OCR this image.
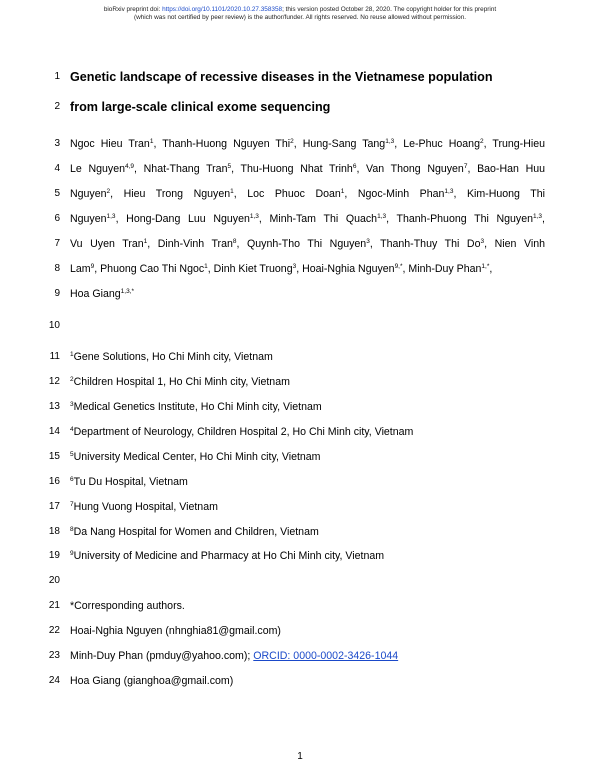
bioRxiv preprint doi: https://doi.org/10.1101/2020.10.27.358358; this version posted October 28, 2020. The copyright holder for this preprint
(which was not certified by peer review) is the author/funder. All rights reserved. No reuse allowed without permission.
1 Genetic landscape of recessive diseases in the Vietnamese population
2 from large-scale clinical exome sequencing
3 Ngoc Hieu Tran$^1$, Thanh-Huong Nguyen Thi$^2$, Hung-Sang Tang$^{1,3}$, Le-Phuc Hoang$^2$, Trung-Hieu
4 Le Nguyen$^{4,9}$, Nhat-Thang Tran$^5$, Thu-Huong Nhat Trinh$^6$, Van Thong Nguyen$^7$, Bao-Han Huu
5 Nguyen$^2$, Hieu Trong Nguyen$^1$, Loc Phuoc Doan$^1$, Ngoc-Minh Phan$^{1,3}$, Kim-Huong Thi
6 Nguyen$^{1,3}$, Hong-Dang Luu Nguyen$^{1,3}$, Minh-Tam Thi Quach$^{1,3}$, Thanh-Phuong Thi Nguyen$^{1,3}$,
7 Vu Uyen Tran$^1$, Dinh-Vinh Tran$^8$, Quynh-Tho Thi Nguyen$^3$, Thanh-Thuy Thi Do$^3$, Nien Vinh
8 Lam$^9$, Phuong Cao Thi Ngoc$^1$, Dinh Kiet Truong$^3$, Hoai-Nghia Nguyen$^{9,*}$, Minh-Duy Phan$^{1,*}$,
9 Hoa Giang$^{1,3,*}$
10
11 $^1$Gene Solutions, Ho Chi Minh city, Vietnam
12 $^2$Children Hospital 1, Ho Chi Minh city, Vietnam
13 $^3$Medical Genetics Institute, Ho Chi Minh city, Vietnam
14 $^4$Department of Neurology, Children Hospital 2, Ho Chi Minh city, Vietnam
15 $^5$University Medical Center, Ho Chi Minh city, Vietnam
16 $^6$Tu Du Hospital, Vietnam
17 $^7$Hung Vuong Hospital, Vietnam
18 $^8$Da Nang Hospital for Women and Children, Vietnam
19 $^9$University of Medicine and Pharmacy at Ho Chi Minh city, Vietnam
20
21 *Corresponding authors.
22 Hoai-Nghia Nguyen (nhnghia81@gmail.com)
23 Minh-Duy Phan (pmduy@yahoo.com); ORCID: 0000-0002-3426-1044
24 Hoa Giang (gianghoa@gmail.com)
1
